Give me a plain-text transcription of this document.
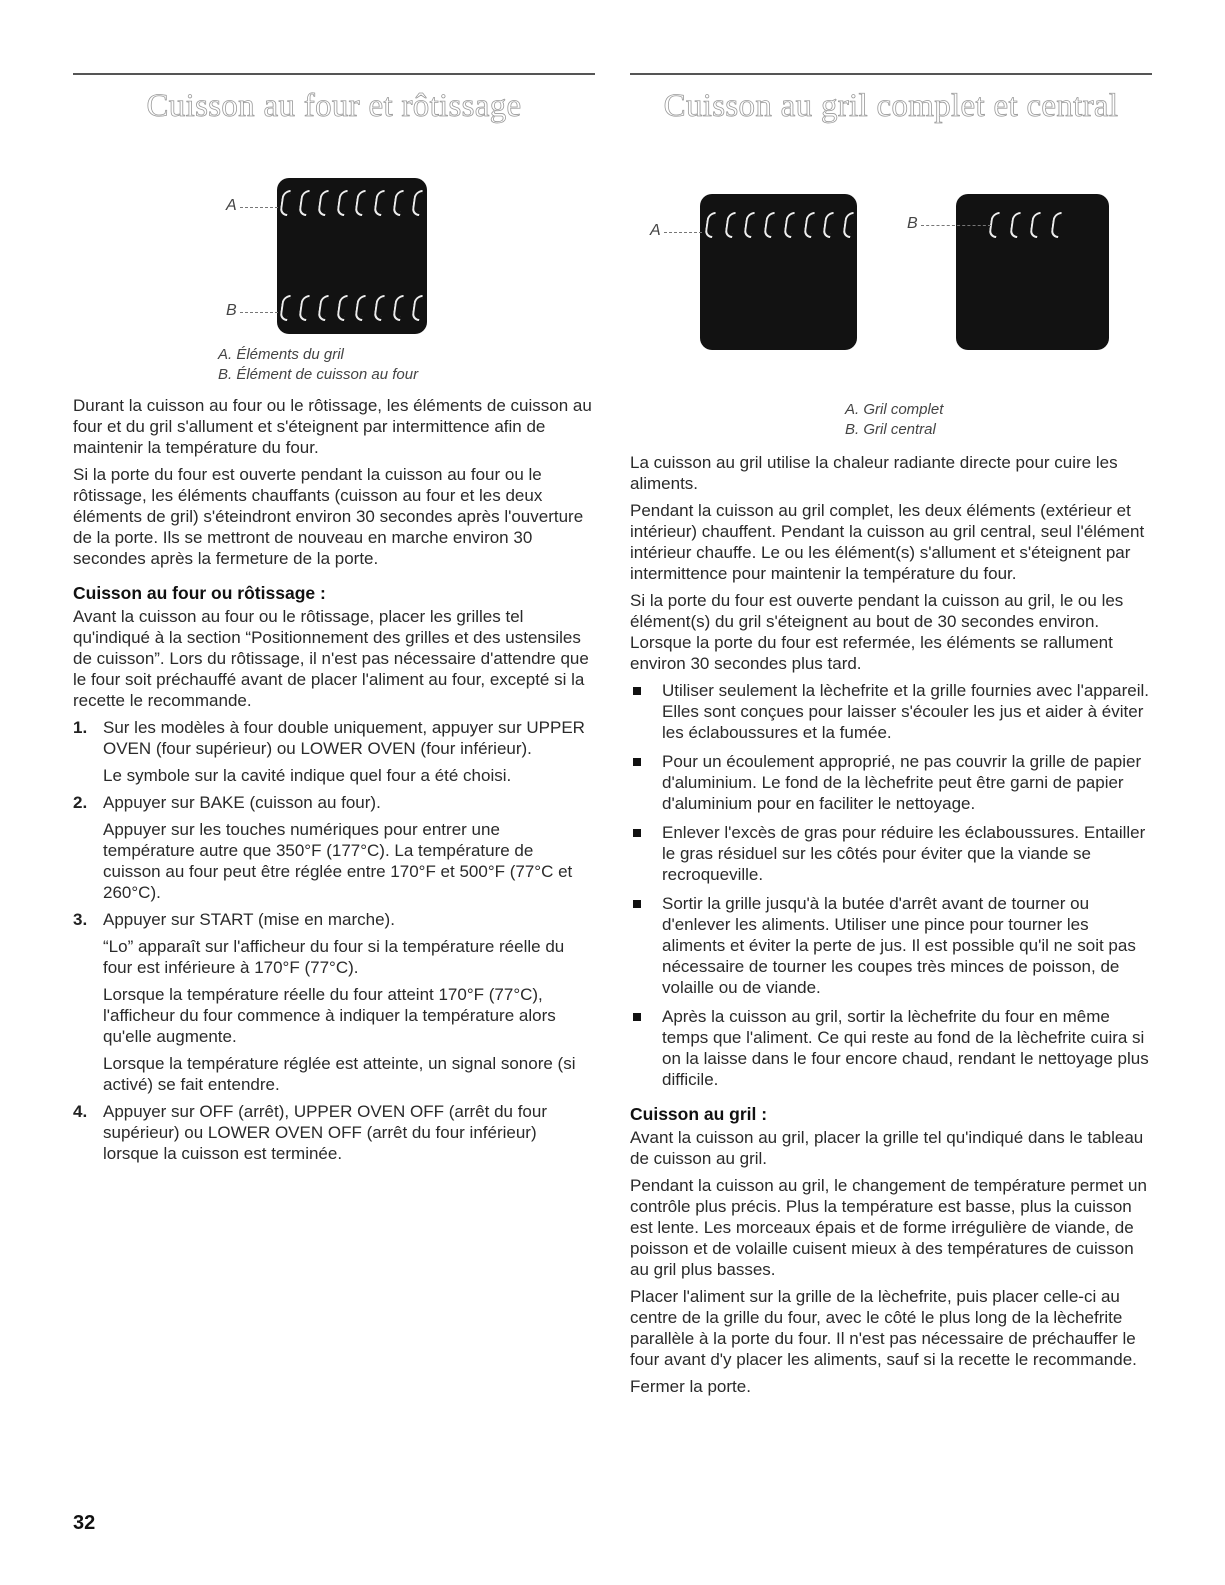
Cuisson au four et rôtissage
A
B
A. Éléments du gril
B. Élément de cuisson au four

Durant la cuisson au four ou le rôtissage, les éléments de cuisson au four et du gril s'allument et s'éteignent par intermittence afin de maintenir la température du four.

Si la porte du four est ouverte pendant la cuisson au four ou le rôtissage, les éléments chauffants (cuisson au four et les deux éléments de gril) s'éteindront environ 30 secondes après l'ouverture de la porte. Ils se mettront de nouveau en marche environ 30 secondes après la fermeture de la porte.

Cuisson au four ou rôtissage :

Avant la cuisson au four ou le rôtissage, placer les grilles tel qu'indiqué à la section “Positionnement des grilles et des ustensiles de cuisson”. Lors du rôtissage, il n'est pas nécessaire d'attendre que le four soit préchauffé avant de placer l'aliment au four, excepté si la recette le recommande.

1. Sur les modèles à four double uniquement, appuyer sur UPPER OVEN (four supérieur) ou LOWER OVEN (four inférieur).

Le symbole sur la cavité indique quel four a été choisi.

2. Appuyer sur BAKE (cuisson au four).

Appuyer sur les touches numériques pour entrer une température autre que 350°F (177°C). La température de cuisson au four peut être réglée entre 170°F et 500°F (77°C et 260°C).

3. Appuyer sur START (mise en marche).

“Lo” apparaît sur l'afficheur du four si la température réelle du four est inférieure à 170°F (77°C).

Lorsque la température réelle du four atteint 170°F (77°C), l'afficheur du four commence à indiquer la température alors qu'elle augmente.

Lorsque la température réglée est atteinte, un signal sonore (si activé) se fait entendre.

4. Appuyer sur OFF (arrêt), UPPER OVEN OFF (arrêt du four supérieur) ou LOWER OVEN OFF (arrêt du four inférieur) lorsque la cuisson est terminée.

Cuisson au gril complet et central
A	B
A. Gril complet
B. Gril central

La cuisson au gril utilise la chaleur radiante directe pour cuire les aliments.

Pendant la cuisson au gril complet, les deux éléments (extérieur et intérieur) chauffent. Pendant la cuisson au gril central, seul l'élément intérieur chauffe. Le ou les élément(s) s'allument et s'éteignent par intermittence pour maintenir la température du four.

Si la porte du four est ouverte pendant la cuisson au gril, le ou les élément(s) du gril s'éteignent au bout de 30 secondes environ. Lorsque la porte du four est refermée, les éléments se rallument environ 30 secondes plus tard.

Utiliser seulement la lèchefrite et la grille fournies avec l'appareil. Elles sont conçues pour laisser s'écouler les jus et aider à éviter les éclaboussures et la fumée.

Pour un écoulement approprié, ne pas couvrir la grille de papier d'aluminium. Le fond de la lèchefrite peut être garni de papier d'aluminium pour en faciliter le nettoyage.

Enlever l'excès de gras pour réduire les éclaboussures. Entailler le gras résiduel sur les côtés pour éviter que la viande se recroqueville.

Sortir la grille jusqu'à la butée d'arrêt avant de tourner ou d'enlever les aliments. Utiliser une pince pour tourner les aliments et éviter la perte de jus. Il est possible qu'il ne soit pas nécessaire de tourner les coupes très minces de poisson, de volaille ou de viande.

Après la cuisson au gril, sortir la lèchefrite du four en même temps que l'aliment. Ce qui reste au fond de la lèchefrite cuira si on la laisse dans le four encore chaud, rendant le nettoyage plus difficile.

Cuisson au gril :

Avant la cuisson au gril, placer la grille tel qu'indiqué dans le tableau de cuisson au gril.

Pendant la cuisson au gril, le changement de température permet un contrôle plus précis. Plus la température est basse, plus la cuisson est lente. Les morceaux épais et de forme irrégulière de viande, de poisson et de volaille cuisent mieux à des températures de cuisson au gril plus basses.

Placer l'aliment sur la grille de la lèchefrite, puis placer celle-ci au centre de la grille du four, avec le côté le plus long de la lèchefrite parallèle à la porte du four. Il n'est pas nécessaire de préchauffer le four avant d'y placer les aliments, sauf si la recette le recommande.

Fermer la porte.

32
